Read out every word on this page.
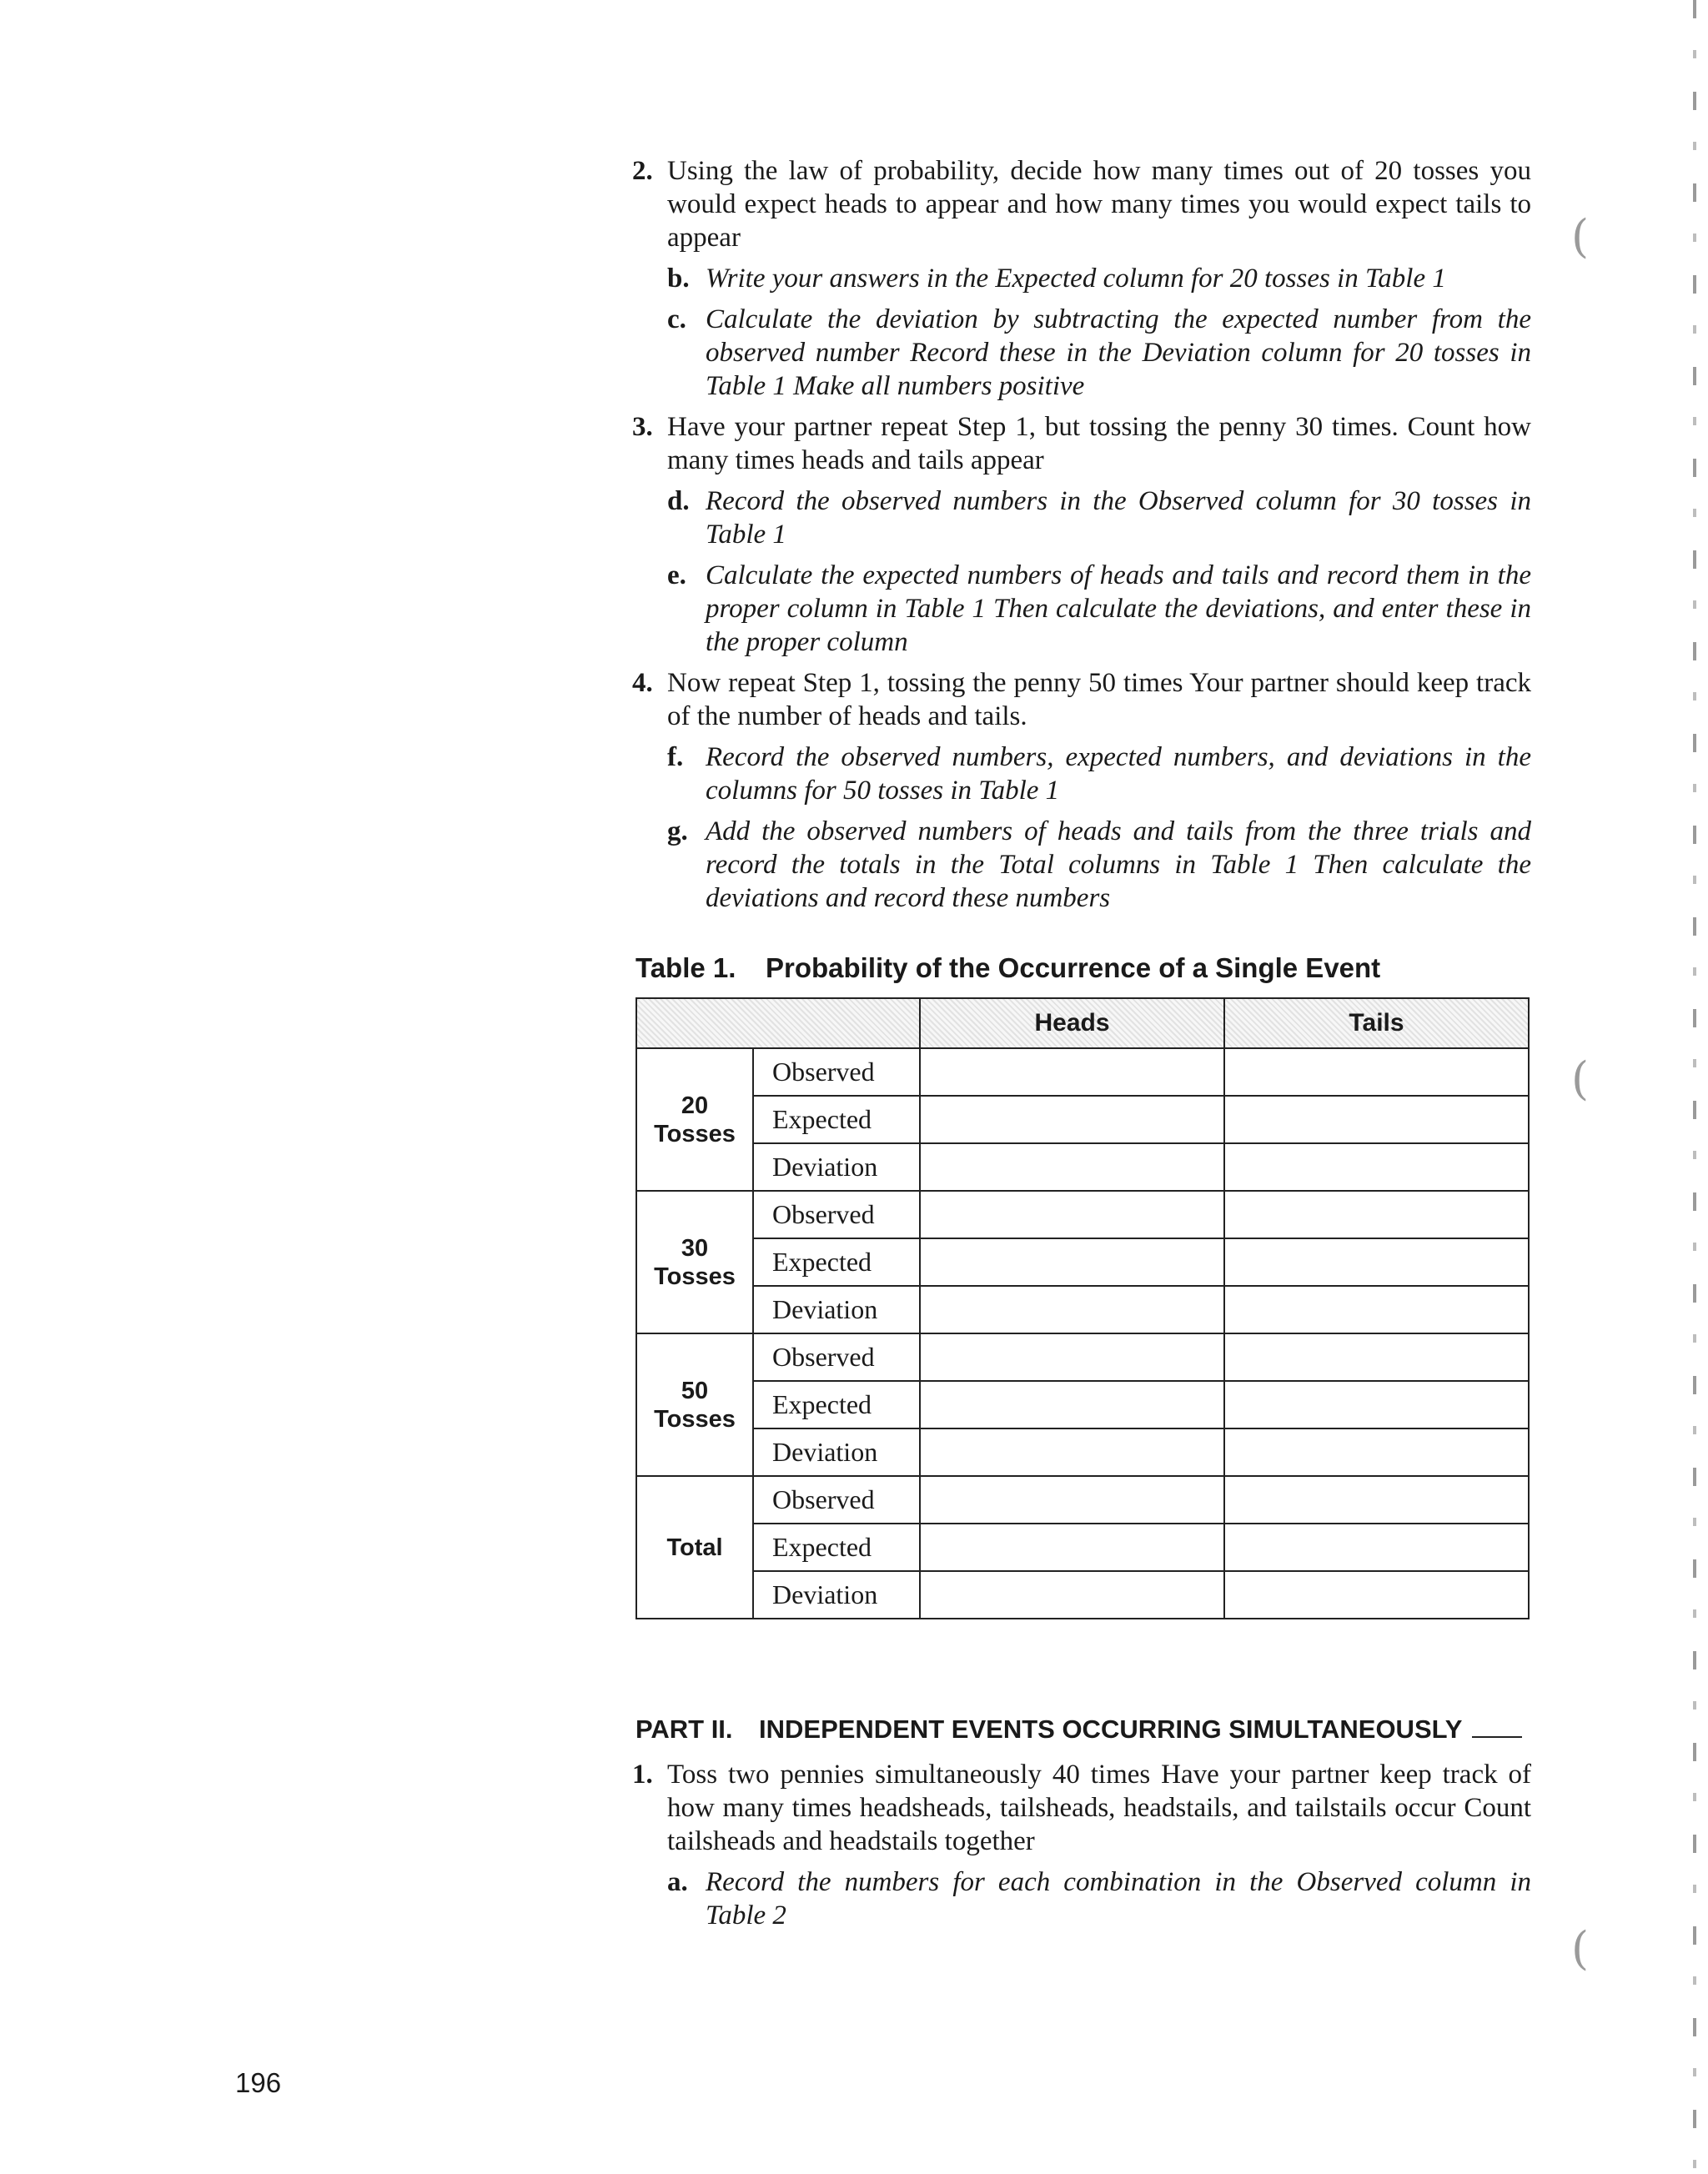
2. Using the law of probability, decide how many times out of 20 tosses you would expect heads to appear and how many times you would expect tails to appear
b. Write your answers in the Expected column for 20 tosses in Table 1
c. Calculate the deviation by subtracting the expected number from the observed number Record these in the Deviation column for 20 tosses in Table 1 Make all numbers positive
3. Have your partner repeat Step 1, but tossing the penny 30 times. Count how many times heads and tails appear
d. Record the observed numbers in the Observed column for 30 tosses in Table 1
e. Calculate the expected numbers of heads and tails and record them in the proper column in Table 1 Then calculate the deviations, and enter these in the proper column
4. Now repeat Step 1, tossing the penny 50 times Your partner should keep track of the number of heads and tails.
f. Record the observed numbers, expected numbers, and deviations in the columns for 50 tosses in Table 1
g. Add the observed numbers of heads and tails from the three trials and record the totals in the Total columns in Table 1 Then calculate the deviations and record these numbers
Table 1. Probability of the Occurrence of a Single Event
		Heads	Tails

20
Tosses	Observed		
	Expected		
	Deviation		

30
Tosses	Observed		
	Expected		
	Deviation		

50
Tosses	Observed		
	Expected		
	Deviation		

Total	Observed		
	Expected		
	Deviation		
PART II. INDEPENDENT EVENTS OCCURRING SIMULTANEOUSLY
1. Toss two pennies simultaneously 40 times Have your partner keep track of how many times headsheads, tailsheads, headstails, and tailstails occur Count tailsheads and headstails together
a. Record the numbers for each combination in the Observed column in Table 2
196
(
(
(
